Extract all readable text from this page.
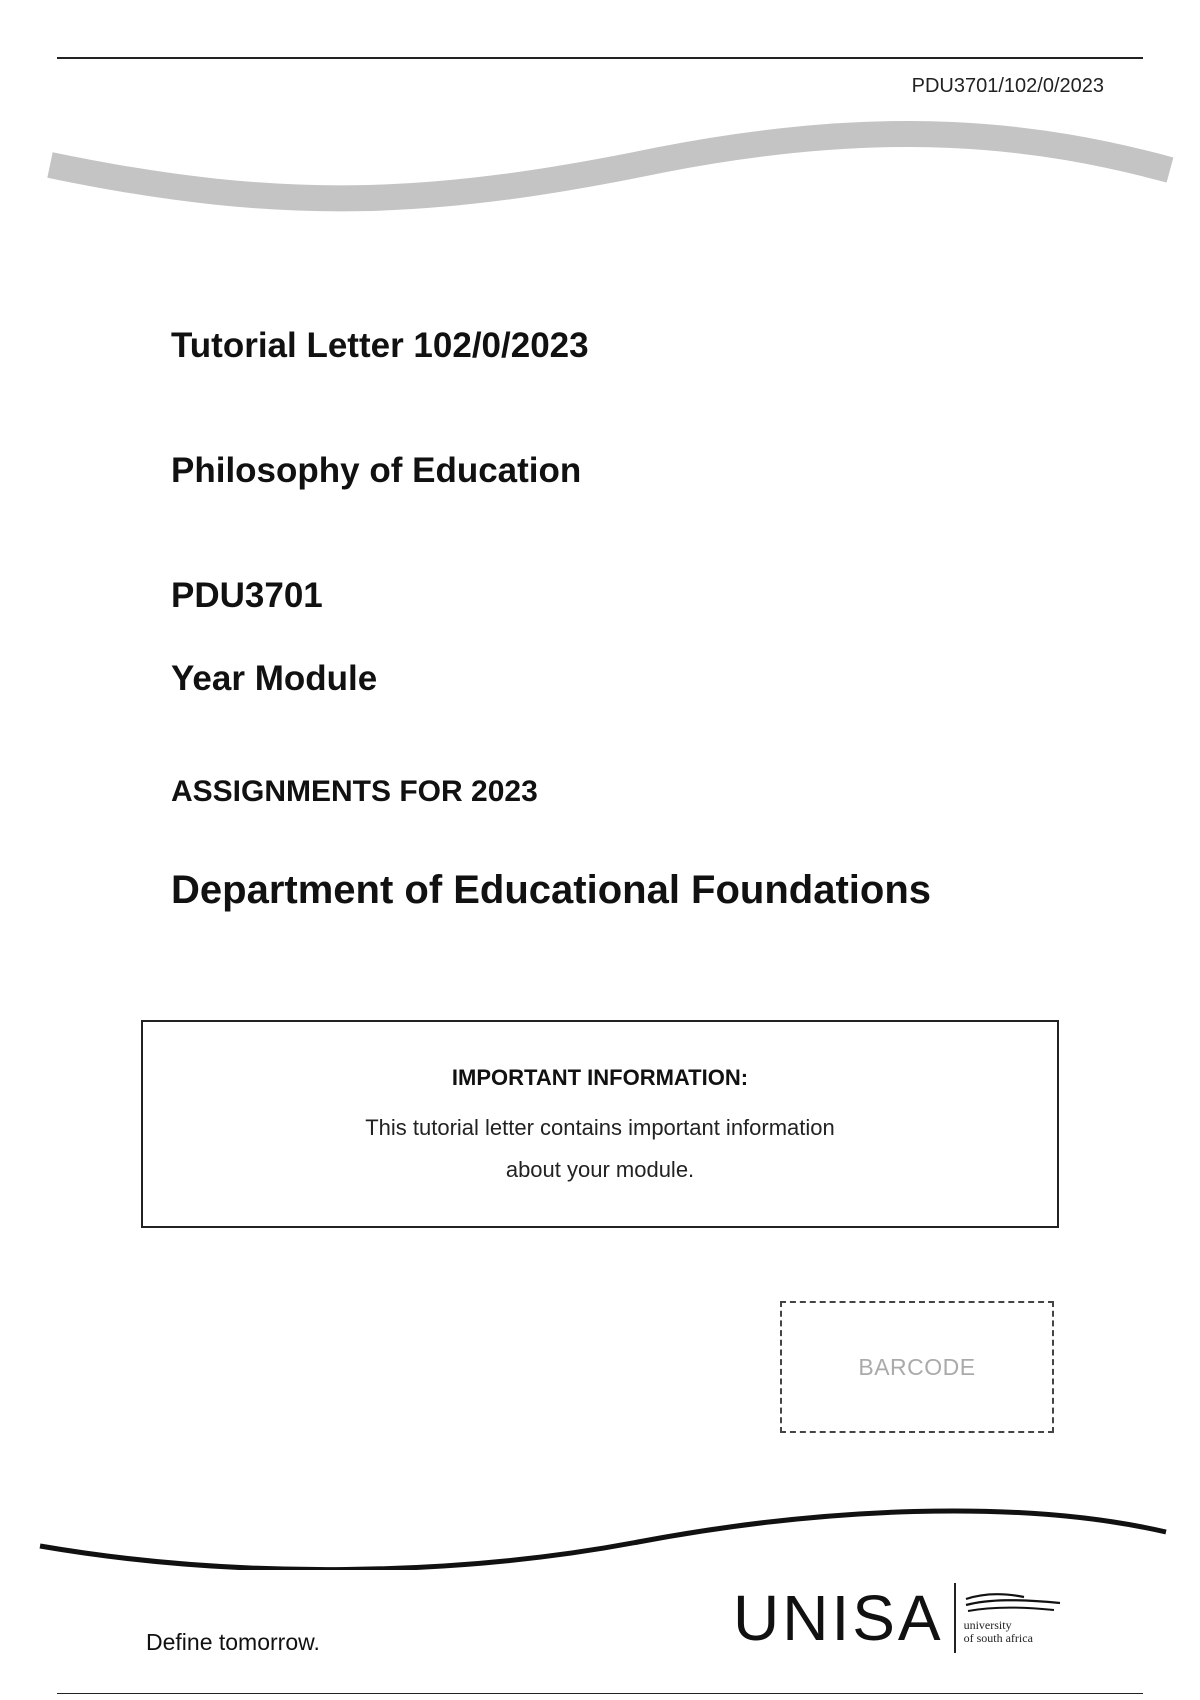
PDU3701/102/0/2023
Tutorial Letter 102/0/2023
Philosophy of Education
PDU3701
Year Module
ASSIGNMENTS FOR 2023
Department of Educational Foundations
IMPORTANT INFORMATION:
This tutorial letter contains important information
about your module.
BARCODE
Define tomorrow.	UNISA university
of south africa
